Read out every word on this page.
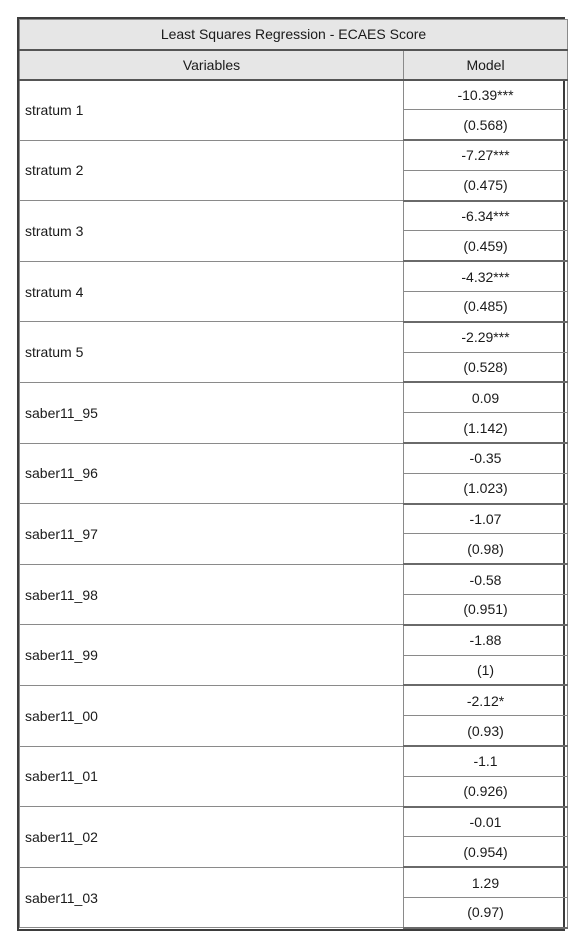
Least Squares Regression - ECAES Score	
Variables	Model
stratum 1	-10.39***
	(0.568)
stratum 2	-7.27***
	(0.475)
stratum 3	-6.34***
	(0.459)
stratum 4	-4.32***
	(0.485)
stratum 5	-2.29***
	(0.528)
saber11_95	0.09
	(1.142)
saber11_96	-0.35
	(1.023)
saber11_97	-1.07
	(0.98)
saber11_98	-0.58
	(0.951)
saber11_99	-1.88
	(1)
saber11_00	-2.12*
	(0.93)
saber11_01	-1.1
	(0.926)
saber11_02	-0.01
	(0.954)
saber11_03	1.29
	(0.97)
